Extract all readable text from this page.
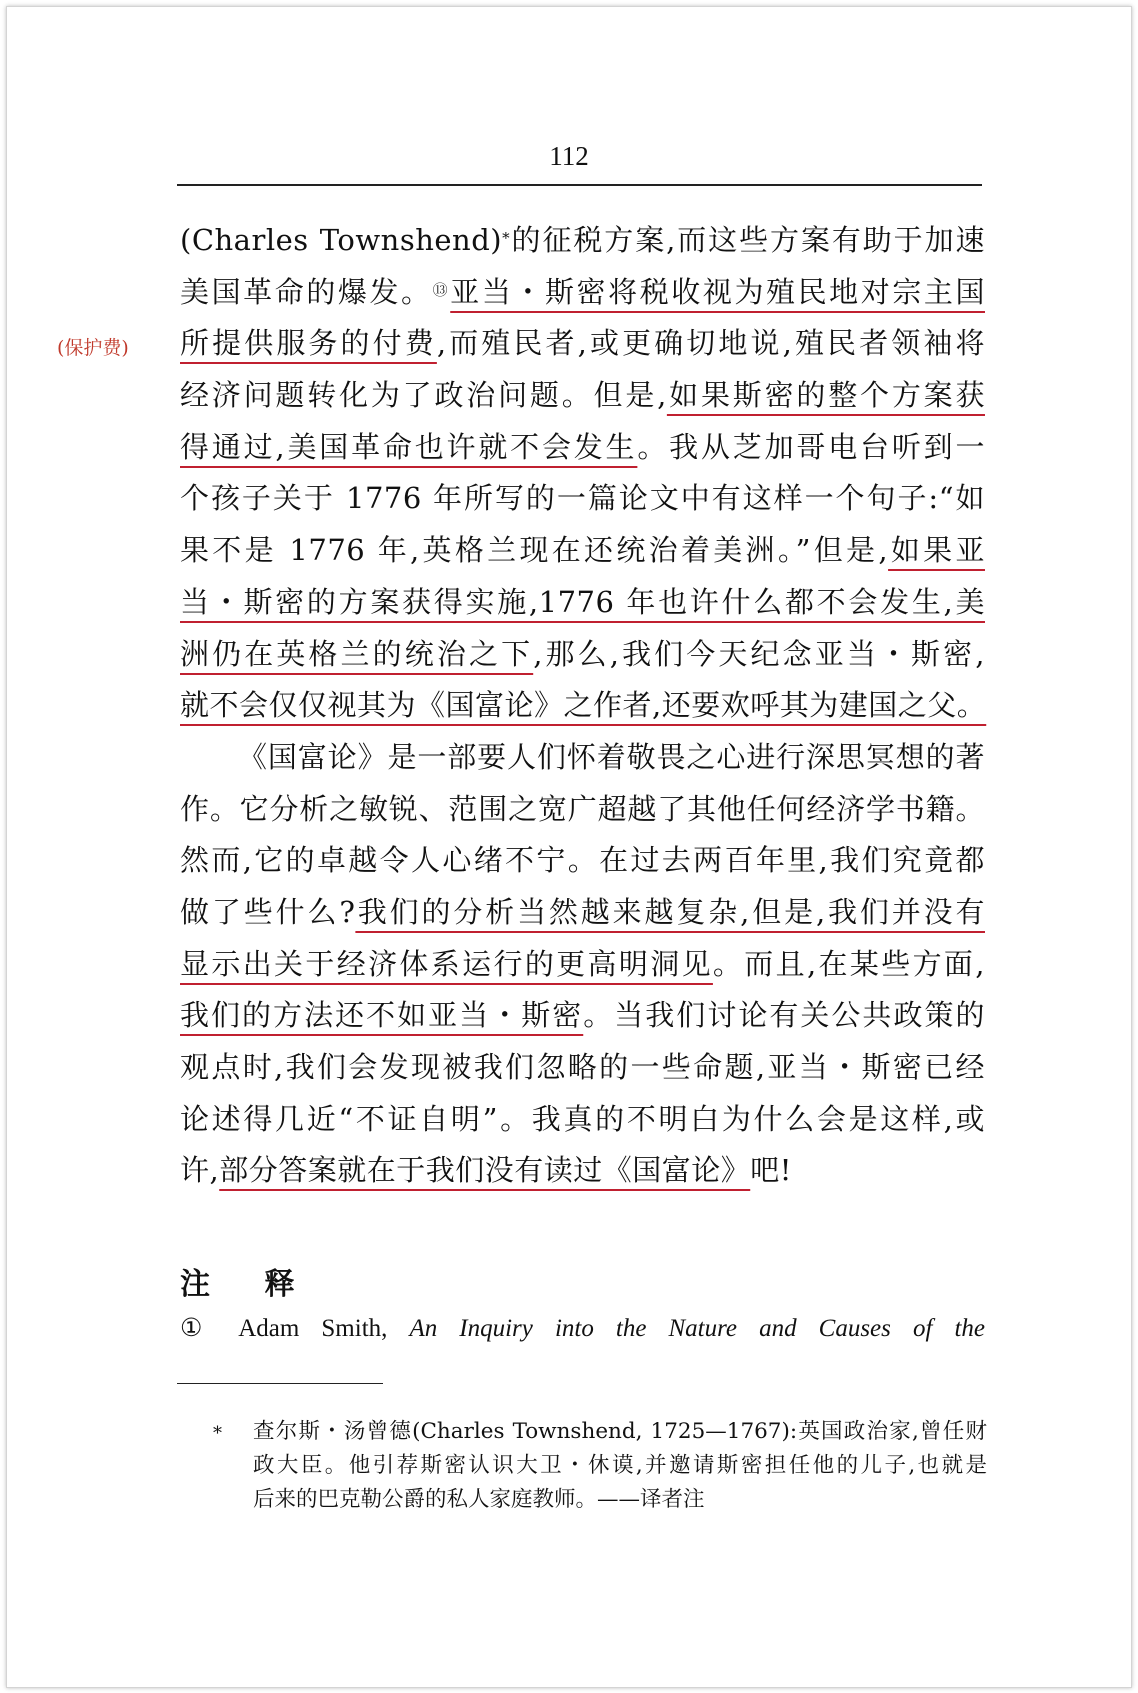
112
(保护费)
(Charles Townshend)*的征税方案,而这些方案有助于加速
美国革命的爆发。⑬亚当・斯密将税收视为殖民地对宗主国
所提供服务的付费,而殖民者,或更确切地说,殖民者领袖将
经济问题转化为了政治问题。但是,如果斯密的整个方案获
得通过,美国革命也许就不会发生。我从芝加哥电台听到一
个孩子关于 1776 年所写的一篇论文中有这样一个句子:“如
果不是 1776 年,英格兰现在还统治着美洲。”但是,如果亚
当・斯密的方案获得实施,1776 年也许什么都不会发生,美
洲仍在英格兰的统治之下,那么,我们今天纪念亚当・斯密,
就不会仅仅视其为《国富论》之作者,还要欢呼其为建国之父。
《国富论》是一部要人们怀着敬畏之心进行深思冥想的著
作。它分析之敏锐、范围之宽广超越了其他任何经济学书籍。
然而,它的卓越令人心绪不宁。在过去两百年里,我们究竟都
做了些什么?我们的分析当然越来越复杂,但是,我们并没有
显示出关于经济体系运行的更高明洞见。而且,在某些方面,
我们的方法还不如亚当・斯密。当我们讨论有关公共政策的
观点时,我们会发现被我们忽略的一些命题,亚当・斯密已经
论述得几近“不证自明”。我真的不明白为什么会是这样,或
许,部分答案就在于我们没有读过《国富论》吧!
注 释
① Adam Smith, An Inquiry into the Nature and Causes of the
*	查尔斯・汤曾德(Charles Townshend, 1725—1767):英国政治家,曾任财
政大臣。他引荐斯密认识大卫・休谟,并邀请斯密担任他的儿子,也就是
后来的巴克勒公爵的私人家庭教师。——译者注
